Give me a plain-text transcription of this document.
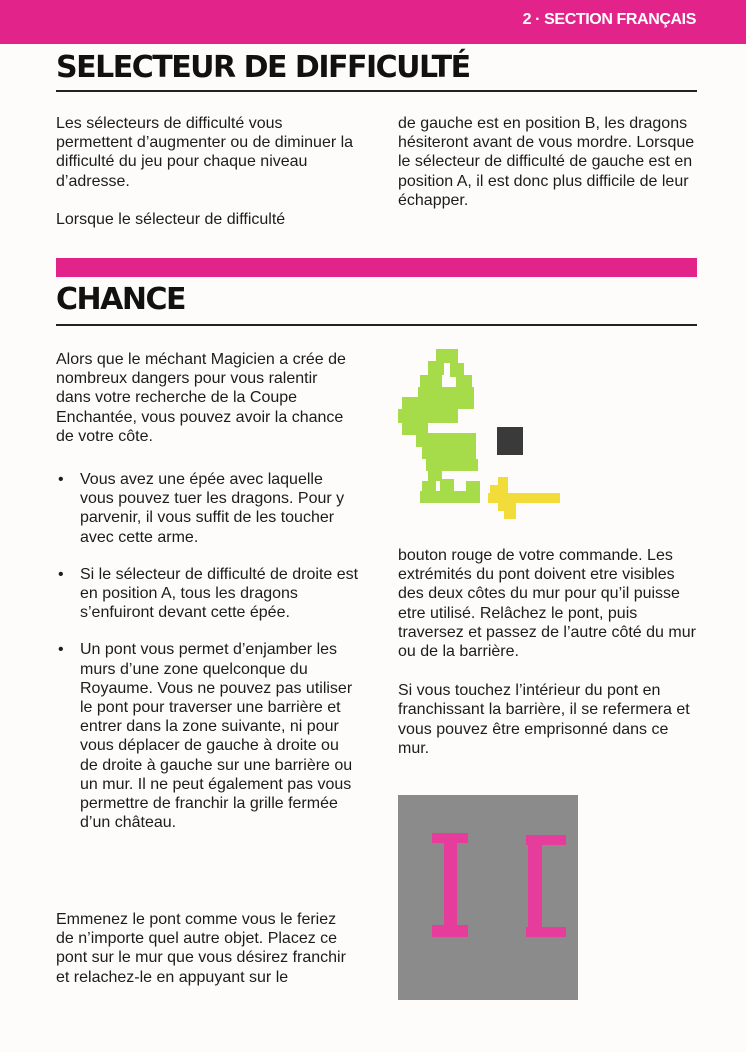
2 · SECTION FRANÇAIS
SELECTEUR DE DIFFICULTÉ

Les sélecteurs de difficulté vous permettent d’augmenter ou de diminuer la difficulté du jeu pour chaque niveau d’adresse.

Lorsque le sélecteur de difficulté

de gauche est en position B, les dragons hésiteront avant de vous mordre. Lorsque le sélecteur de difficulté de gauche est en position A, il est donc plus difficile de leur échapper.

CHANCE
Alors que le méchant Magicien a crée de nombreux dangers pour vous ralentir dans votre recherche de la Coupe Enchantée, vous pouvez avoir la chance de votre côte.
• Vous avez une épée avec laquelle vous pouvez tuer les dragons. Pour y parvenir, il vous suffit de les toucher avec cette arme.
• Si le sélecteur de difficulté de droite est en position A, tous les dragons s’enfuiront devant cette épée.
• Un pont vous permet d’enjamber les murs d’une zone quelconque du Royaume. Vous ne pouvez pas utiliser le pont pour traverser une barrière et entrer dans la zone suivante, ni pour vous déplacer de gauche à droite ou de droite à gauche sur une barrière ou un mur. Il ne peut également pas vous permettre de franchir la grille fermée d’un château.
Emmenez le pont comme vous le feriez de n’importe quel autre objet. Placez ce pont sur le mur que vous désirez franchir et relachez-le en appuyant sur le

bouton rouge de votre commande. Les extrémités du pont doivent etre visibles des deux côtes du mur pour qu’il puisse etre utilisé. Relâchez le pont, puis traversez et passez de l’autre côté du mur ou de la barrière.

Si vous touchez l’intérieur du pont en franchissant la barrière, il se refermera et vous pouvez être emprisonné dans ce mur.
